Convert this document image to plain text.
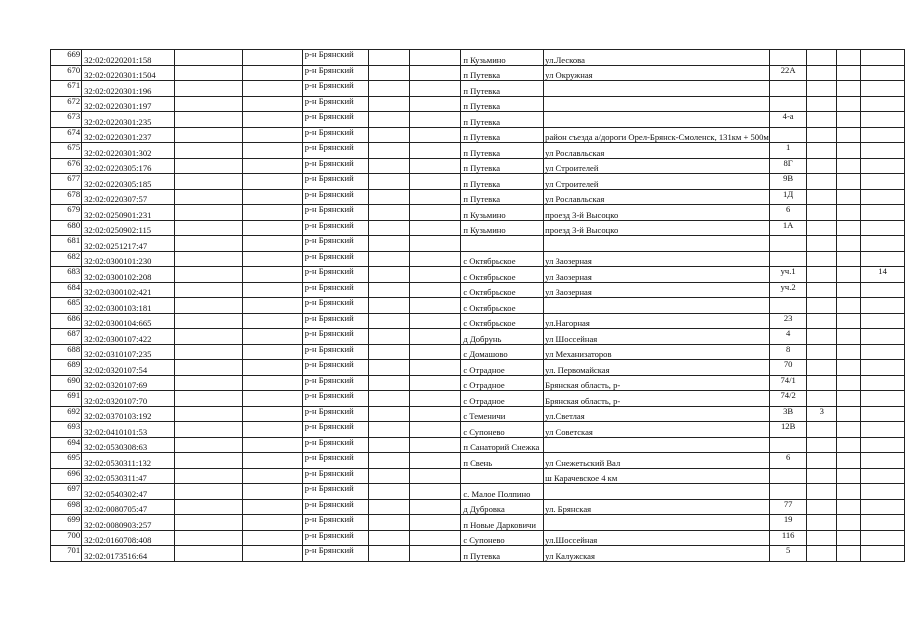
669	32:02:0220201:158			р-н Брянский			п Кузьмино	ул.Лескова				
670	32:02:0220301:1504			р-н Брянский			п Путевка	ул Окружная	22А			
671	32:02:0220301:196			р-н Брянский			п Путевка					
672	32:02:0220301:197			р-н Брянский			п Путевка					
673	32:02:0220301:235			р-н Брянский			п Путевка		4-а			
674	32:02:0220301:237			р-н Брянский			п Путевка	район съезда а/дороги Орел-Брянск-Смоленск, 131км + 500м				
675	32:02:0220301:302			р-н Брянский			п Путевка	ул Рославльская	1			
676	32:02:0220305:176			р-н Брянский			п Путевка	ул Строителей	8Г			
677	32:02:0220305:185			р-н Брянский			п Путевка	ул Строителей	9В			
678	32:02:0220307:57			р-н Брянский			п Путевка	ул Рославльская	1Д			
679	32:02:0250901:231			р-н Брянский			п Кузьмино	проезд 3-й Высоцко	6			
680	32:02:0250902:115			р-н Брянский			п Кузьмино	проезд 3-й Высоцко	1А			
681	32:02:0251217:47			р-н Брянский								
682	32:02:0300101:230			р-н Брянский			с Октябрьское	ул Заозерная				
683	32:02:0300102:208			р-н Брянский			с Октябрьское	ул Заозерная	уч.1			14
684	32:02:0300102:421			р-н Брянский			с Октябрьское	ул Заозерная	уч.2			
685	32:02:0300103:181			р-н Брянский			с Октябрьское					
686	32:02:0300104:665			р-н Брянский			с Октябрьское	ул.Нагорная	23			
687	32:02:0300107:422			р-н Брянский			д Добрунь	ул Шоссейная	4			
688	32:02:0310107:235			р-н Брянский			с Домашово	ул Механизаторов	8			
689	32:02:0320107:54			р-н Брянский			с Отрадное	ул. Первомайская	70			
690	32:02:0320107:69			р-н Брянский			с Отрадное	Брянская область, р-	74/1			
691	32:02:0320107:70			р-н Брянский			с Отрадное	Брянская область, р-	74/2			
692	32:02:0370103:192			р-н Брянский			с Теменичи	ул.Светлая	3В	3		
693	32:02:0410101:53			р-н Брянский			с Супонево	ул Советская	12В			
694	32:02:0530308:63			р-н Брянский			п Санаторий Снежка					
695	32:02:0530311:132			р-н Брянский			п Свень	ул Снежетьский Вал	6			
696	32:02:0530311:47			р-н Брянский				ш Карачевское 4 км				
697	32:02:0540302:47			р-н Брянский			с. Малое Полпино					
698	32:02:0080705:47			р-н Брянский			д Дубровка	ул. Брянская	77			
699	32:02:0080903:257			р-н Брянский			п Новые Дарковичи		19			
700	32:02:0160708:408			р-н Брянский			с Супонево	ул.Шоссейная	116			
701	32:02:0173516:64			р-н Брянский			п Путевка	ул Калужская	5			
